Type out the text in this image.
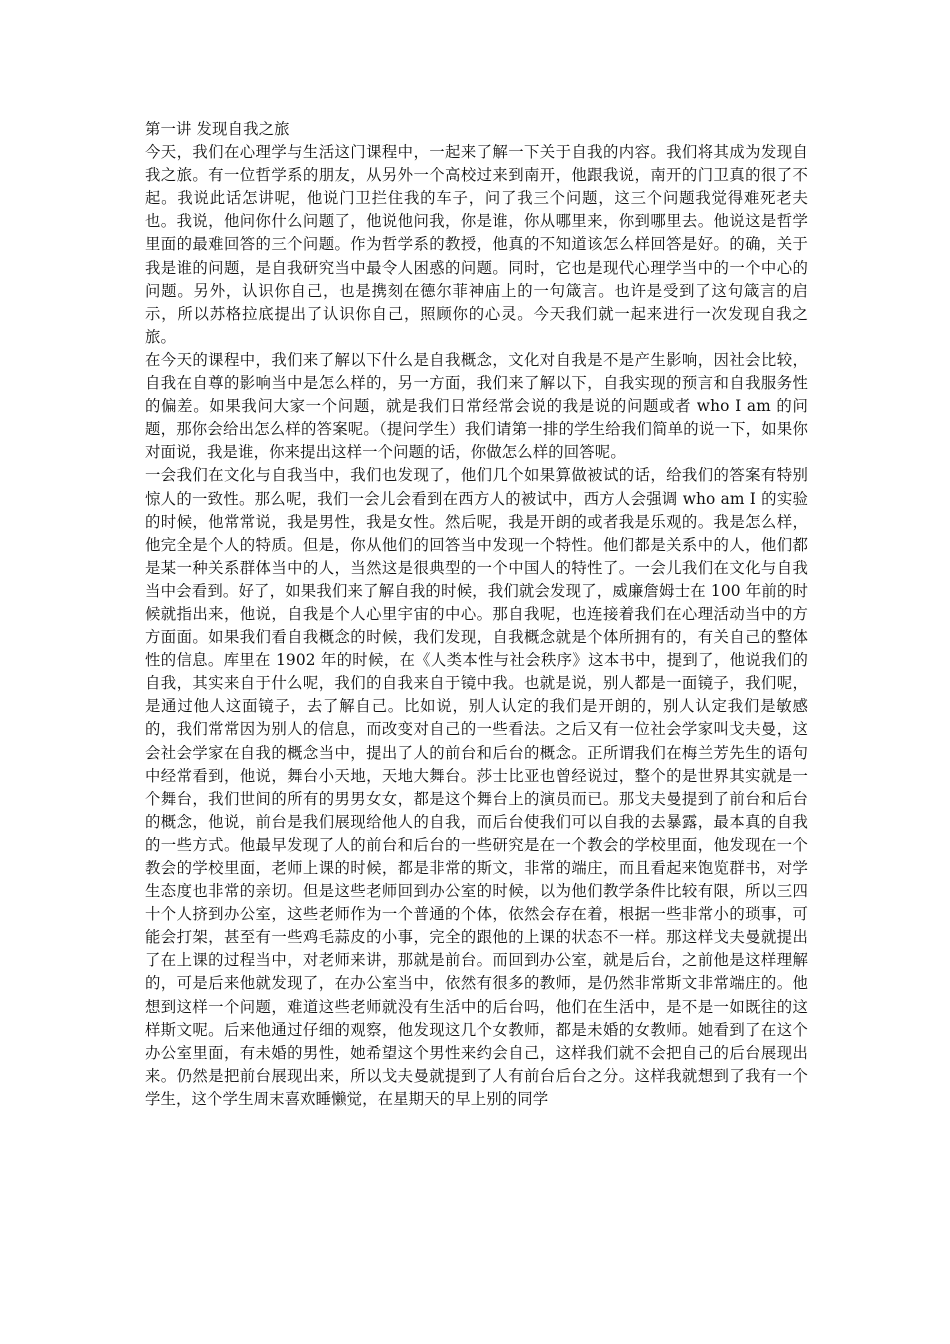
第一讲 发现自我之旅

今天，我们在心理学与生活这门课程中，一起来了解一下关于自我的内容。我们将其成为发现自我之旅。有一位哲学系的朋友，从另外一个高校过来到南开，他跟我说，南开的门卫真的很了不起。我说此话怎讲呢，他说门卫拦住我的车子，问了我三个问题，这三个问题我觉得难死老夫也。我说，他问你什么问题了，他说他问我，你是谁，你从哪里来，你到哪里去。他说这是哲学里面的最难回答的三个问题。作为哲学系的教授，他真的不知道该怎么样回答是好。的确，关于我是谁的问题，是自我研究当中最令人困惑的问题。同时，它也是现代心理学当中的一个中心的问题。另外，认识你自己，也是携刻在德尔菲神庙上的一句箴言。也许是受到了这句箴言的启示，所以苏格拉底提出了认识你自己，照顾你的心灵。今天我们就一起来进行一次发现自我之旅。

在今天的课程中，我们来了解以下什么是自我概念，文化对自我是不是产生影响，因社会比较，自我在自尊的影响当中是怎么样的，另一方面，我们来了解以下，自我实现的预言和自我服务性的偏差。如果我问大家一个问题，就是我们日常经常会说的我是说的问题或者 who I am 的问题，那你会给出怎么样的答案呢。（提问学生）我们请第一排的学生给我们简单的说一下，如果你对面说，我是谁，你来提出这样一个问题的话，你做怎么样的回答呢。

一会我们在文化与自我当中，我们也发现了，他们几个如果算做被试的话，给我们的答案有特别惊人的一致性。那么呢，我们一会儿会看到在西方人的被试中，西方人会强调 who am I 的实验的时候，他常常说，我是男性，我是女性。然后呢，我是开朗的或者我是乐观的。我是怎么样，他完全是个人的特质。但是，你从他们的回答当中发现一个特性。他们都是关系中的人，他们都是某一种关系群体当中的人，当然这是很典型的一个中国人的特性了。一会儿我们在文化与自我当中会看到。好了，如果我们来了解自我的时候，我们就会发现了，威廉詹姆士在 100 年前的时候就指出来，他说，自我是个人心里宇宙的中心。那自我呢，也连接着我们在心理活动当中的方方面面。如果我们看自我概念的时候，我们发现，自我概念就是个体所拥有的，有关自己的整体性的信息。库里在 1902 年的时候，在《人类本性与社会秩序》这本书中，提到了，他说我们的自我，其实来自于什么呢，我们的自我来自于镜中我。也就是说，别人都是一面镜子，我们呢，是通过他人这面镜子，去了解自己。比如说，别人认定的我们是开朗的，别人认定我们是敏感的，我们常常因为别人的信息，而改变对自己的一些看法。之后又有一位社会学家叫戈夫曼，这会社会学家在自我的概念当中，提出了人的前台和后台的概念。正所谓我们在梅兰芳先生的语句中经常看到，他说，舞台小天地，天地大舞台。莎士比亚也曾经说过，整个的是世界其实就是一个舞台，我们世间的所有的男男女女，都是这个舞台上的演员而已。那戈夫曼提到了前台和后台的概念，他说，前台是我们展现给他人的自我，而后台使我们可以自我的去暴露，最本真的自我的一些方式。他最早发现了人的前台和后台的一些研究是在一个教会的学校里面，他发现在一个教会的学校里面，老师上课的时候，都是非常的斯文，非常的端庄，而且看起来饱览群书，对学生态度也非常的亲切。但是这些老师回到办公室的时候，以为他们教学条件比较有限，所以三四十个人挤到办公室，这些老师作为一个普通的个体，依然会存在着，根据一些非常小的琐事，可能会打架，甚至有一些鸡毛蒜皮的小事，完全的跟他的上课的状态不一样。那这样戈夫曼就提出了在上课的过程当中，对老师来讲，那就是前台。而回到办公室，就是后台，之前他是这样理解的，可是后来他就发现了，在办公室当中，依然有很多的教师，是仍然非常斯文非常端庄的。他想到这样一个问题，难道这些老师就没有生活中的后台吗，他们在生活中，是不是一如既往的这样斯文呢。后来他通过仔细的观察，他发现这几个女教师，都是未婚的女教师。她看到了在这个办公室里面，有未婚的男性，她希望这个男性来约会自己，这样我们就不会把自己的后台展现出来。仍然是把前台展现出来，所以戈夫曼就提到了人有前台后台之分。这样我就想到了我有一个学生，这个学生周末喜欢睡懒觉，在星期天的早上别的同学
